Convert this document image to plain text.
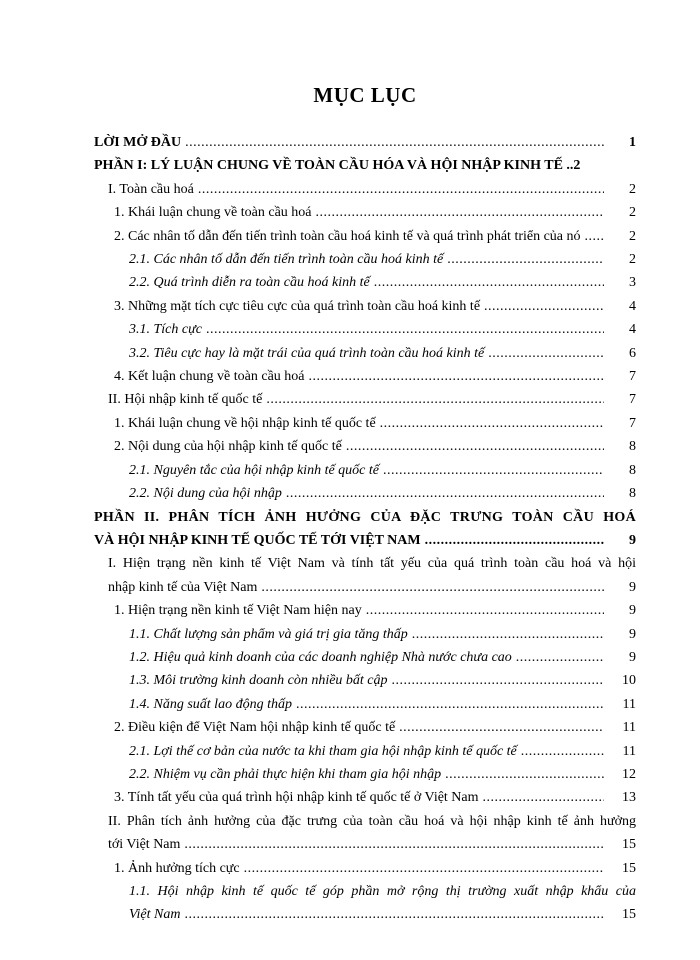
MỤC LỤC
LỜI MỞ ĐẦU .....	1
PHẦN I: LÝ LUẬN CHUNG VỀ TOÀN CẦU HÓA VÀ HỘI NHẬP KINH TẾ ..2
I. Toàn cầu hoá .....	2
1. Khái luận chung về toàn cầu hoá .....	2
2. Các nhân tố dẫn đến tiến trình toàn cầu hoá kinh tế và quá trình phát triển của nó .....	2
2.1. Các nhân tố dẫn đến tiến trình toàn cầu hoá kinh tế .....	2
2.2. Quá trình diễn ra toàn cầu hoá kinh tế .....	3
3. Những mặt tích cực tiêu cực của quá trình toàn cầu hoá kinh tế .....	4
3.1. Tích cực .....	4
3.2. Tiêu cực hay là mặt trái của quá trình toàn cầu hoá kinh tế .....	6
4. Kết luận chung về toàn cầu hoá .....	7
II. Hội nhập kinh tế quốc tế .....	7
1. Khái luận chung về hội nhập kinh tế quốc tế .....	7
2. Nội dung của hội nhập kinh tế quốc tế .....	8
2.1. Nguyên tắc của hội nhập kinh tế quốc tế .....	8
2.2. Nội dung của hội nhập .....	8
PHẦN II. PHÂN TÍCH ẢNH HƯỞNG CỦA ĐẶC TRƯNG TOÀN CẦU HOÁ
VÀ HỘI NHẬP KINH TẾ QUỐC TẾ TỚI VIỆT NAM .....	9
I. Hiện trạng nền kinh tế Việt Nam và tính tất yếu của quá trình toàn cầu hoá và hội
nhập kinh tế của Việt Nam .....	9
1. Hiện trạng nền kinh tế Việt Nam hiện nay .....	9
1.1. Chất lượng sản phẩm và giá trị gia tăng thấp .....	9
1.2. Hiệu quả kinh doanh của các doanh nghiệp Nhà nước chưa cao .....	9
1.3. Môi trường kinh doanh còn nhiều bất cập .....	10
1.4. Năng suất lao động thấp .....	11
2. Điều kiện để Việt Nam hội nhập kinh tế quốc tế .....	11
2.1. Lợi thế cơ bản của nước ta khi tham gia hội nhập kinh tế quốc tế .....	11
2.2. Nhiệm vụ cần phải thực hiện khi tham gia hội nhập .....	12
3. Tính tất yếu của quá trình hội nhập kinh tế quốc tế ở Việt Nam .....	13
II. Phân tích ảnh hưởng của đặc trưng của toàn cầu hoá và hội nhập kinh tế ảnh hưởng
tới Việt Nam .....	15
1. Ảnh hưởng tích cực .....	15
1.1. Hội nhập kinh tế quốc tế góp phần mở rộng thị trường xuất nhập khẩu của
Việt Nam .....	15
